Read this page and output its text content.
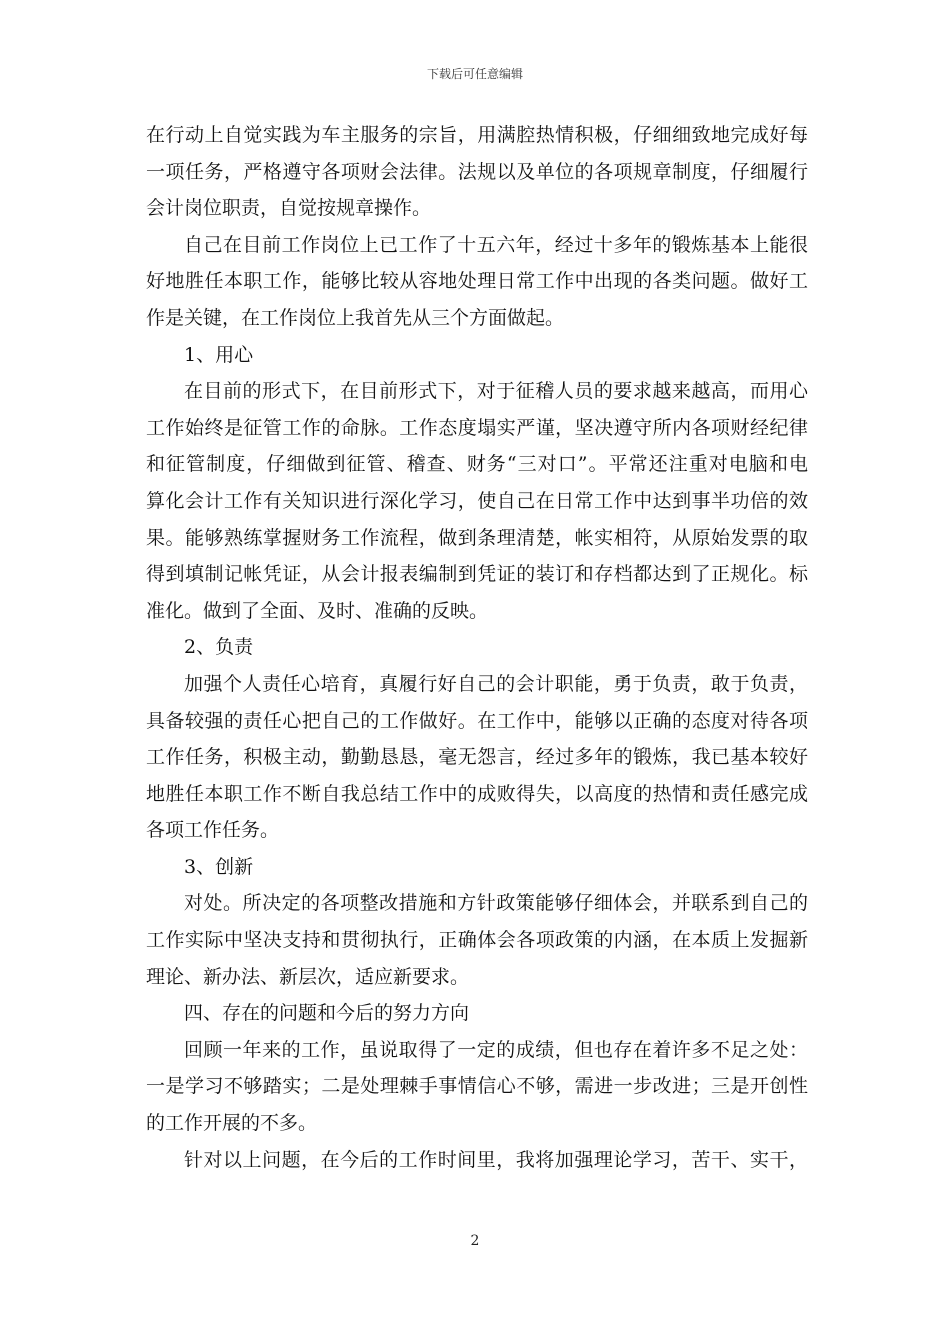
下载后可任意编辑
在行动上自觉实践为车主服务的宗旨，用满腔热情积极，仔细细致地完成好每
一项任务，严格遵守各项财会法律。法规以及单位的各项规章制度，仔细履行
会计岗位职责，自觉按规章操作。
自己在目前工作岗位上已工作了十五六年，经过十多年的锻炼基本上能很
好地胜任本职工作，能够比较从容地处理日常工作中出现的各类问题。做好工
作是关键，在工作岗位上我首先从三个方面做起。
1、用心
在目前的形式下，在目前形式下，对于征稽人员的要求越来越高，而用心
工作始终是征管工作的命脉。工作态度塌实严谨，坚决遵守所内各项财经纪律
和征管制度，仔细做到征管、稽查、财务“三对口”。平常还注重对电脑和电
算化会计工作有关知识进行深化学习，使自己在日常工作中达到事半功倍的效
果。能够熟练掌握财务工作流程，做到条理清楚，帐实相符，从原始发票的取
得到填制记帐凭证，从会计报表编制到凭证的装订和存档都达到了正规化。标
准化。做到了全面、及时、准确的反映。
2、负责
加强个人责任心培育，真履行好自己的会计职能，勇于负责，敢于负责，
具备较强的责任心把自己的工作做好。在工作中，能够以正确的态度对待各项
工作任务，积极主动，勤勤恳恳，毫无怨言，经过多年的锻炼，我已基本较好
地胜任本职工作不断自我总结工作中的成败得失，以高度的热情和责任感完成
各项工作任务。
3、创新
对处。所决定的各项整改措施和方针政策能够仔细体会，并联系到自己的
工作实际中坚决支持和贯彻执行，正确体会各项政策的内涵，在本质上发掘新
理论、新办法、新层次，适应新要求。
四、存在的问题和今后的努力方向
回顾一年来的工作，虽说取得了一定的成绩，但也存在着许多不足之处：
一是学习不够踏实；二是处理棘手事情信心不够，需进一步改进；三是开创性
的工作开展的不多。
针对以上问题，在今后的工作时间里，我将加强理论学习，苦干、实干，
2
